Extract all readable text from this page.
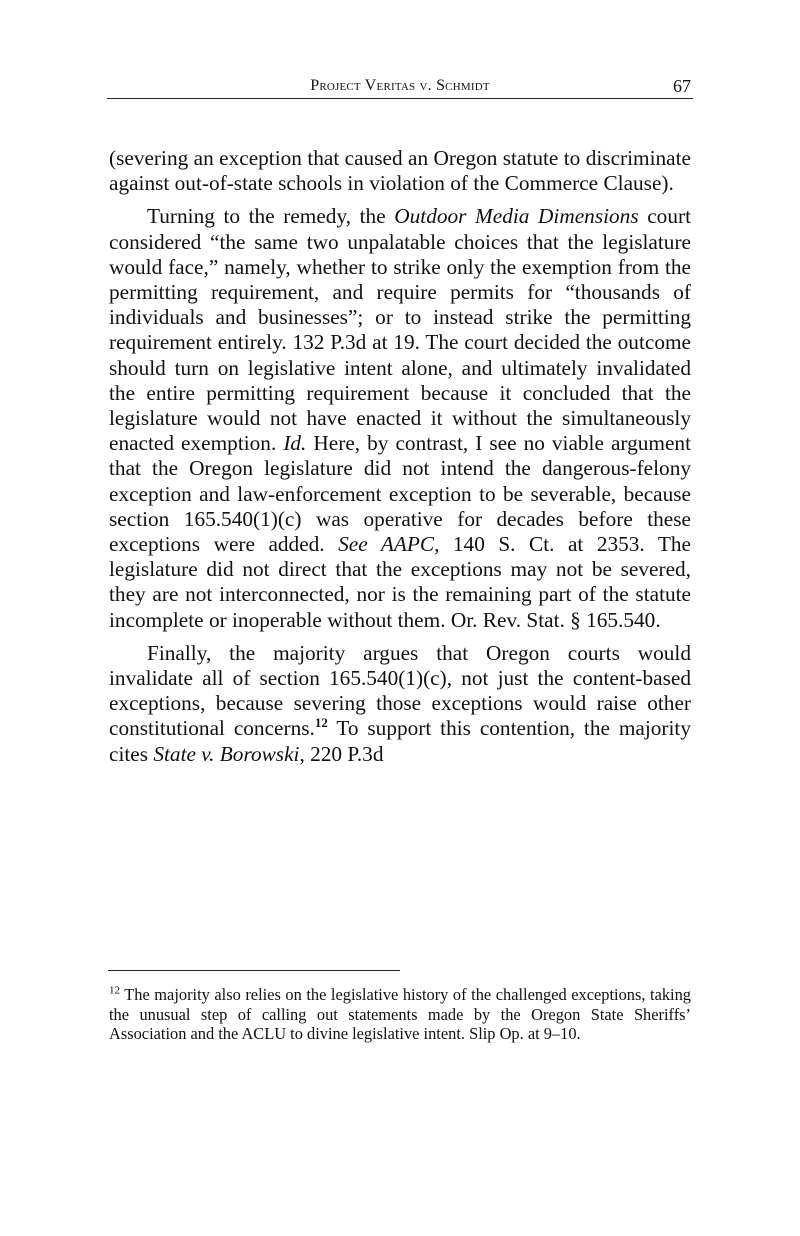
Project Veritas v. Schmidt	67

(severing an exception that caused an Oregon statute to discriminate against out-of-state schools in violation of the Commerce Clause).

Turning to the remedy, the Outdoor Media Dimensions court considered “the same two unpalatable choices that the legislature would face,” namely, whether to strike only the exemption from the permitting requirement, and require permits for “thousands of individuals and businesses”; or to instead strike the permitting requirement entirely. 132 P.3d at 19. The court decided the outcome should turn on legislative intent alone, and ultimately invalidated the entire permitting requirement because it concluded that the legislature would not have enacted it without the simultaneously enacted exemption. Id. Here, by contrast, I see no viable argument that the Oregon legislature did not intend the dangerous-felony exception and law-enforcement exception to be severable, because section 165.540(1)(c) was operative for decades before these exceptions were added. See AAPC, 140 S. Ct. at 2353. The legislature did not direct that the exceptions may not be severed, they are not interconnected, nor is the remaining part of the statute incomplete or inoperable without them. Or. Rev. Stat. § 165.540.

Finally, the majority argues that Oregon courts would invalidate all of section 165.540(1)(c), not just the content-based exceptions, because severing those exceptions would raise other constitutional concerns.$^{12}$ To support this contention, the majority cites State v. Borowski, 220 P.3d

$^{12}$ The majority also relies on the legislative history of the challenged exceptions, taking the unusual step of calling out statements made by the Oregon State Sheriffs’ Association and the ACLU to divine legislative intent. Slip Op. at 9–10.
